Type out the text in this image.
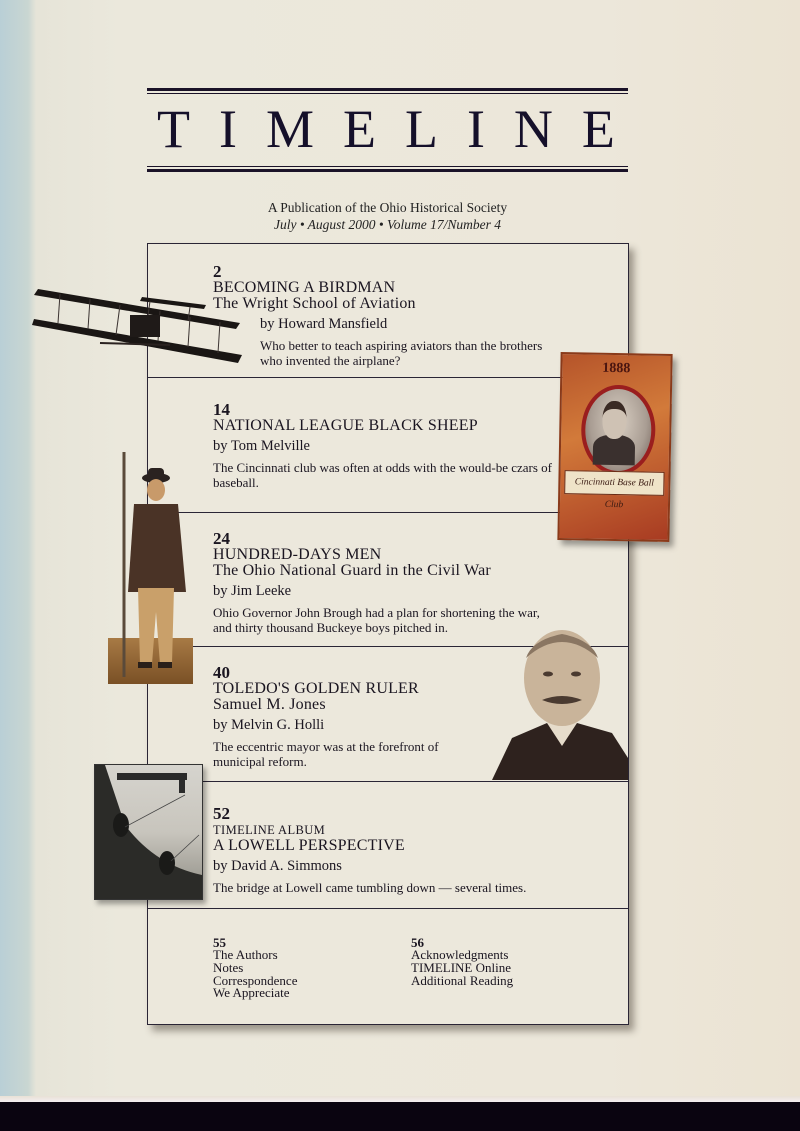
TIMELINE
A Publication of the Ohio Historical Society
July • August 2000 • Volume 17/Number 4
2
BECOMING A BIRDMAN
The Wright School of Aviation
by Howard Mansfield
Who better to teach aspiring aviators than the brothers who invented the airplane?
14
NATIONAL LEAGUE BLACK SHEEP
by Tom Melville
The Cincinnati club was often at odds with the would-be czars of baseball.
24
HUNDRED-DAYS MEN
The Ohio National Guard in the Civil War
by Jim Leeke
Ohio Governor John Brough had a plan for shortening the war, and thirty thousand Buckeye boys pitched in.
40
TOLEDO'S GOLDEN RULER
Samuel M. Jones
by Melvin G. Holli
The eccentric mayor was at the forefront of municipal reform.
52
TIMELINE ALBUM
A LOWELL PERSPECTIVE
by David A. Simmons
The bridge at Lowell came tumbling down — several times.
55
The Authors
Notes
Correspondence
We Appreciate
56
Acknowledgments
TIMELINE Online
Additional Reading
1888
Cincinnati Base Ball Club
